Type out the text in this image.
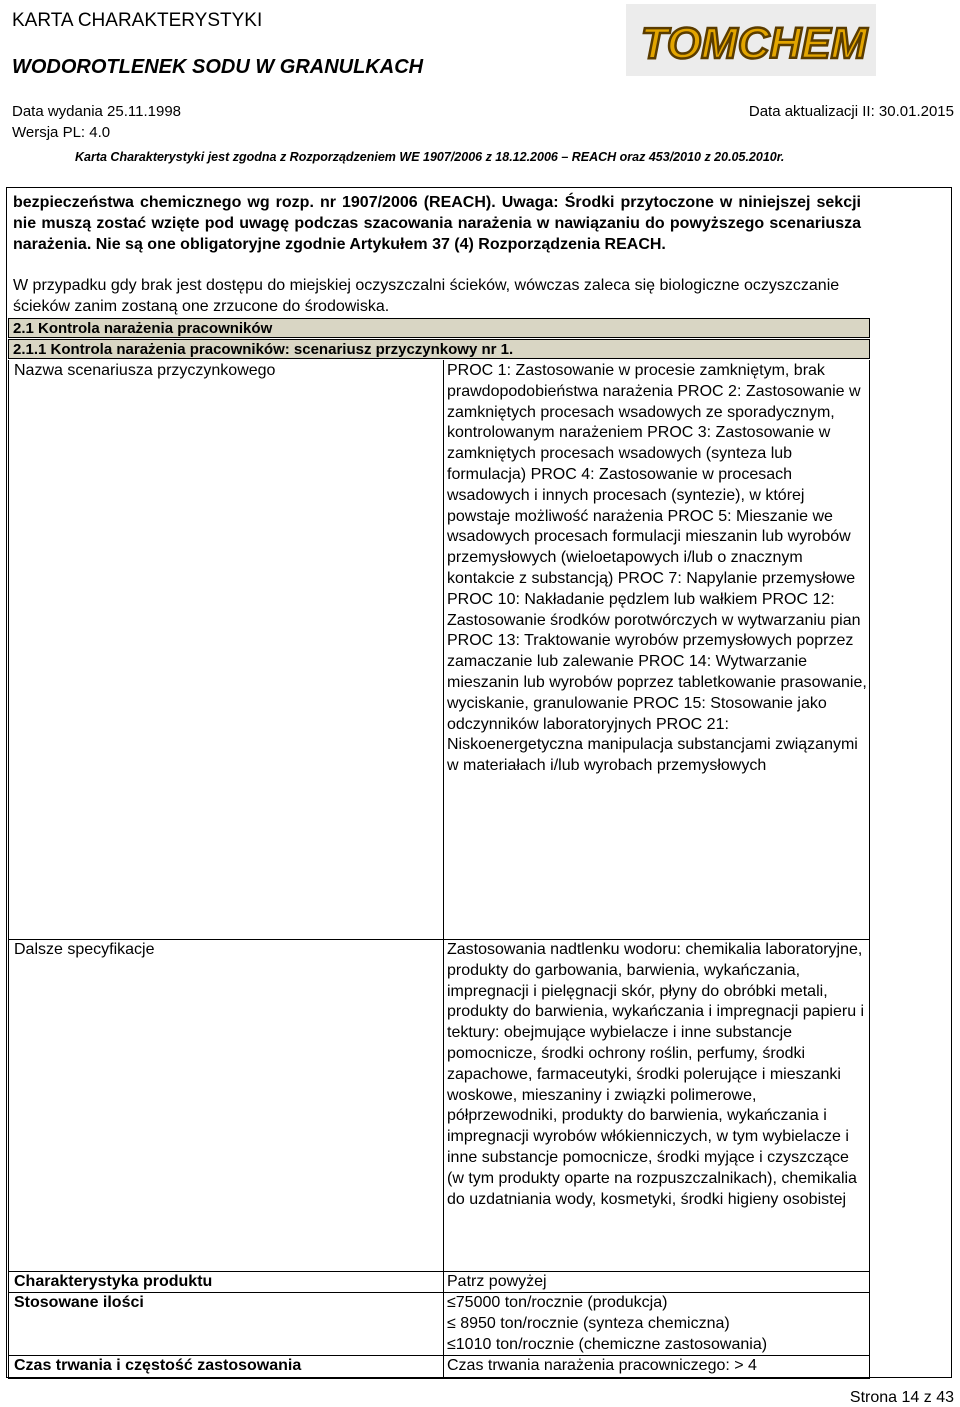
KARTA CHARAKTERYSTYKI
WODOROTLENEK SODU W GRANULKACH
Data wydania 25.11.1998	Data aktualizacji II: 30.01.2015
Wersja PL: 4.0
Karta Charakterystyki jest zgodna z Rozporządzeniem WE 1907/2006 z 18.12.2006 – REACH oraz 453/2010 z 20.05.2010r.
TOMCHEM
bezpieczeństwa chemicznego wg rozp. nr 1907/2006 (REACH). Uwaga: Środki przytoczone w niniejszej sekcji nie muszą zostać wzięte pod uwagę podczas szacowania narażenia w nawiązaniu do powyższego scenariusza narażenia. Nie są one obligatoryjne zgodnie Artykułem 37 (4) Rozporządzenia REACH.
W przypadku gdy brak jest dostępu do miejskiej oczyszczalni ścieków, wówczas zaleca się biologiczne oczyszczanie ścieków zanim zostaną one zrzucone do środowiska.
2.1 Kontrola narażenia pracowników
2.1.1 Kontrola narażenia pracowników: scenariusz przyczynkowy nr 1.
Nazwa scenariusza przyczynkowego	PROC 1: Zastosowanie w procesie zamkniętym, brak prawdopodobieństwa narażenia PROC 2: Zastosowanie w zamkniętych procesach wsadowych ze sporadycznym, kontrolowanym narażeniem PROC 3: Zastosowanie w zamkniętych procesach wsadowych (synteza lub formulacja) PROC 4: Zastosowanie w procesach wsadowych i innych procesach (syntezie), w której powstaje możliwość narażenia PROC 5: Mieszanie we wsadowych procesach formulacji mieszanin lub wyrobów przemysłowych (wieloetapowych i/lub o znacznym kontakcie z substancją) PROC 7: Napylanie przemysłowe PROC 10: Nakładanie pędzlem lub wałkiem PROC 12: Zastosowanie środków porotwórczych w wytwarzaniu pian PROC 13: Traktowanie wyrobów przemysłowych poprzez zamaczanie lub zalewanie PROC 14: Wytwarzanie mieszanin lub wyrobów poprzez tabletkowanie prasowanie, wyciskanie, granulowanie PROC 15: Stosowanie jako odczynników laboratoryjnych PROC 21: Niskoenergetyczna manipulacja substancjami związanymi w materiałach i/lub wyrobach przemysłowych
Dalsze specyfikacje	Zastosowania nadtlenku wodoru: chemikalia laboratoryjne, produkty do garbowania, barwienia, wykańczania, impregnacji i pielęgnacji skór, płyny do obróbki metali, produkty do barwienia, wykańczania i impregnacji papieru i tektury: obejmujące wybielacze i inne substancje pomocnicze, środki ochrony roślin, perfumy, środki zapachowe, farmaceutyki, środki polerujące i mieszanki woskowe, mieszaniny i związki polimerowe, półprzewodniki, produkty do barwienia, wykańczania i impregnacji wyrobów włókienniczych, w tym wybielacze i inne substancje pomocnicze, środki myjące i czyszczące (w tym produkty oparte na rozpuszczalnikach), chemikalia do uzdatniania wody, kosmetyki, środki higieny osobistej
Charakterystyka produktu	Patrz powyżej
Stosowane ilości	≤75000 ton/rocznie (produkcja)
≤ 8950 ton/rocznie (synteza chemiczna)
≤1010 ton/rocznie (chemiczne zastosowania)
Czas trwania i częstość zastosowania	Czas trwania narażenia pracowniczego: > 4
Strona 14 z 43
